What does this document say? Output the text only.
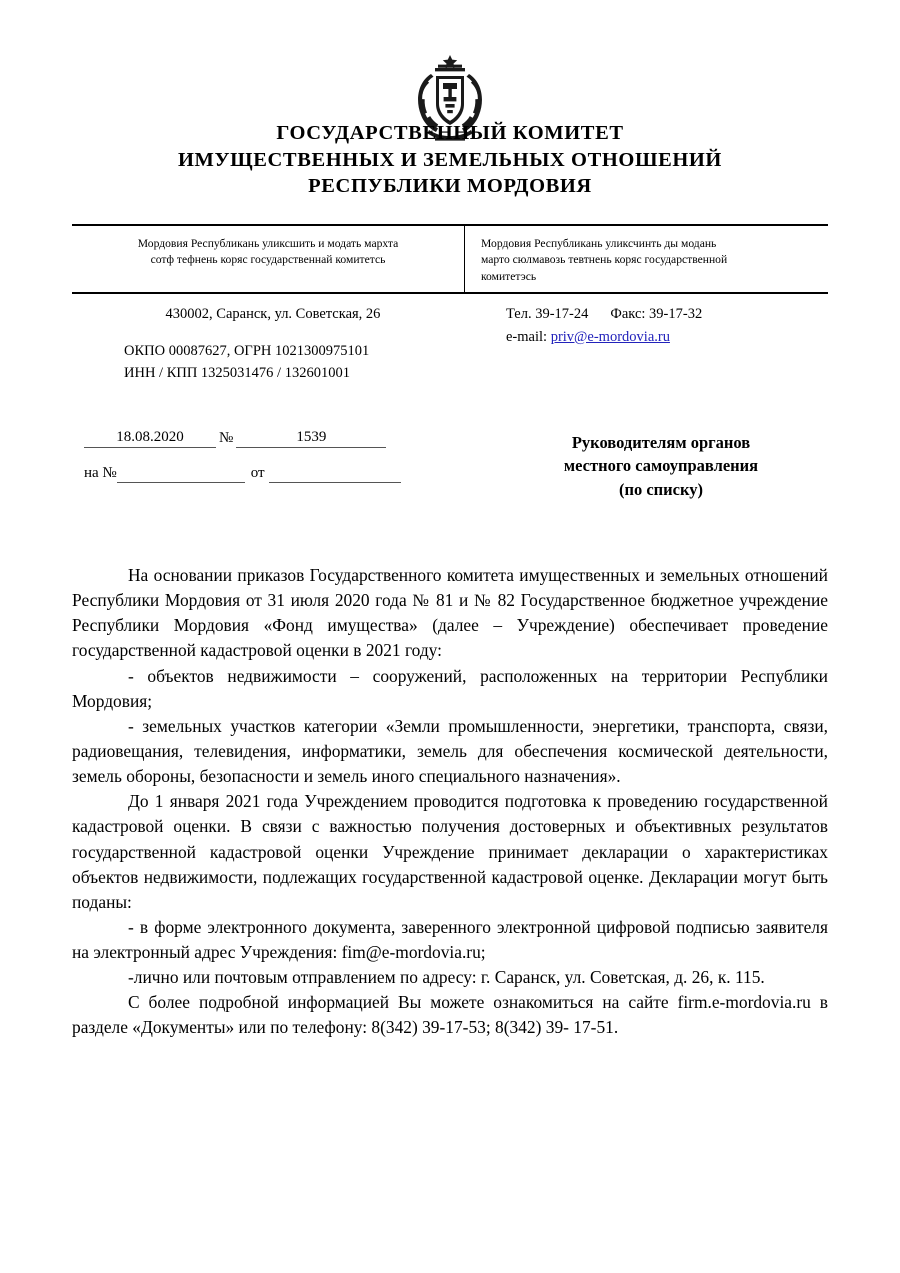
ГОСУДАРСТВЕННЫЙ КОМИТЕТ
ИМУЩЕСТВЕННЫХ И ЗЕМЕЛЬНЫХ ОТНОШЕНИЙ
РЕСПУБЛИКИ МОРДОВИЯ
Мордовия Республикань уликсшить и модать мархта
сотф тефнень коряс государственнай комитетсь
Мордовия Республикань уликсчинть ды модань
марто сюлмавозь тевтнень коряс государственной
комитетэсь
430002, Саранск, ул. Советская, 26
ОКПО 00087627, ОГРН 1021300975101
ИНН / КПП 1325031476 / 132601001
Тел. 39-17-24 Факс: 39-17-32
e-mail: priv@e-mordovia.ru
18.08.2020	№	1539
на №	от
Руководителям органов
местного самоуправления
(по списку)

На основании приказов Государственного комитета имущественных и земельных отношений Республики Мордовия от 31 июля 2020 года № 81 и № 82 Государственное бюджетное учреждение Республики Мордовия «Фонд имущества» (далее – Учреждение) обеспечивает проведение государственной кадастровой оценки в 2021 году:

- объектов недвижимости – сооружений, расположенных на территории Республики Мордовия;

- земельных участков категории «Земли промышленности, энергетики, транспорта, связи, радиовещания, телевидения, информатики, земель для обеспечения космической деятельности, земель обороны, безопасности и земель иного специального назначения».

До 1 января 2021 года Учреждением проводится подготовка к проведению государственной кадастровой оценки. В связи с важностью получения достоверных и объективных результатов государственной кадастровой оценки Учреждение принимает декларации о характеристиках объектов недвижимости, подлежащих государственной кадастровой оценке. Декларации могут быть поданы:

- в форме электронного документа, заверенного электронной цифровой подписью заявителя на электронный адрес Учреждения: fim@e-mordovia.ru;

-лично или почтовым отправлением по адресу: г. Саранск, ул. Советская, д. 26, к. 115.

С более подробной информацией Вы можете ознакомиться на сайте firm.e-mordovia.ru в разделе «Документы» или по телефону: 8(342) 39-17-53; 8(342) 39- 17-51.
